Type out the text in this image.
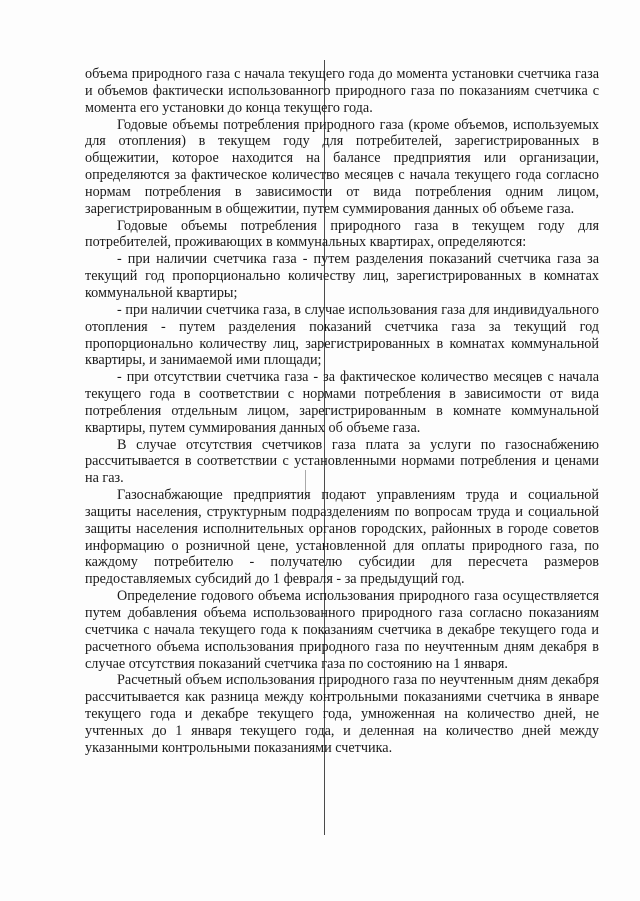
объема природного газа с начала текущего года до момента установки счетчика газа и объемов фактически использованного природного газа по показаниям счетчика с момента его установки до конца текущего года.

Годовые объемы потребления природного газа (кроме объемов, используемых для отопления) в текущем году для потребителей, зарегистрированных в общежитии, которое находится на балансе предприятия или организации, определяются за фактическое количество месяцев с начала текущего года согласно нормам потребления в зависимости от вида потребления одним лицом, зарегистрированным в общежитии, путем суммирования данных об объеме газа.

Годовые объемы потребления природного газа в текущем году для потребителей, проживающих в коммунальных квартирах, определяются:

- при наличии счетчика газа - путем разделения показаний счетчика газа за текущий год пропорционально количеству лиц, зарегистрированных в комнатах коммунальной квартиры;

- при наличии счетчика газа, в случае использования газа для индивидуального отопления - путем разделения показаний счетчика газа за текущий год пропорционально количеству лиц, зарегистрированных в комнатах коммунальной квартиры, и занимаемой ими площади;

- при отсутствии счетчика газа - за фактическое количество месяцев с начала текущего года в соответствии с нормами потребления в зависимости от вида потребления отдельным лицом, зарегистрированным в комнате коммунальной квартиры, путем суммирования данных об объеме газа.

В случае отсутствия счетчиков газа плата за услуги по газоснабжению рассчитывается в соответствии с установленными нормами потребления и ценами на газ.

Газоснабжающие предприятия подают управлениям труда и социальной защиты населения, структурным подразделениям по вопросам труда и социальной защиты населения исполнительных органов городских, районных в городе советов информацию о розничной цене, установленной для оплаты природного газа, по каждому потребителю - получателю субсидии для пересчета размеров предоставляемых субсидий до 1 февраля - за предыдущий год.

Определение годового объема использования природного газа осуществляется путем добавления объема использованного природного газа согласно показаниям счетчика с начала текущего года к показаниям счетчика в декабре текущего года и расчетного объема использования природного газа по неучтенным дням декабря в случае отсутствия показаний счетчика газа по состоянию на 1 января.

Расчетный объем использования природного газа по неучтенным дням декабря рассчитывается как разница между контрольными показаниями счетчика в январе текущего года и декабре текущего года, умноженная на количество дней, не учтенных до 1 января текущего года, и деленная на количество дней между указанными контрольными показаниями счетчика.
